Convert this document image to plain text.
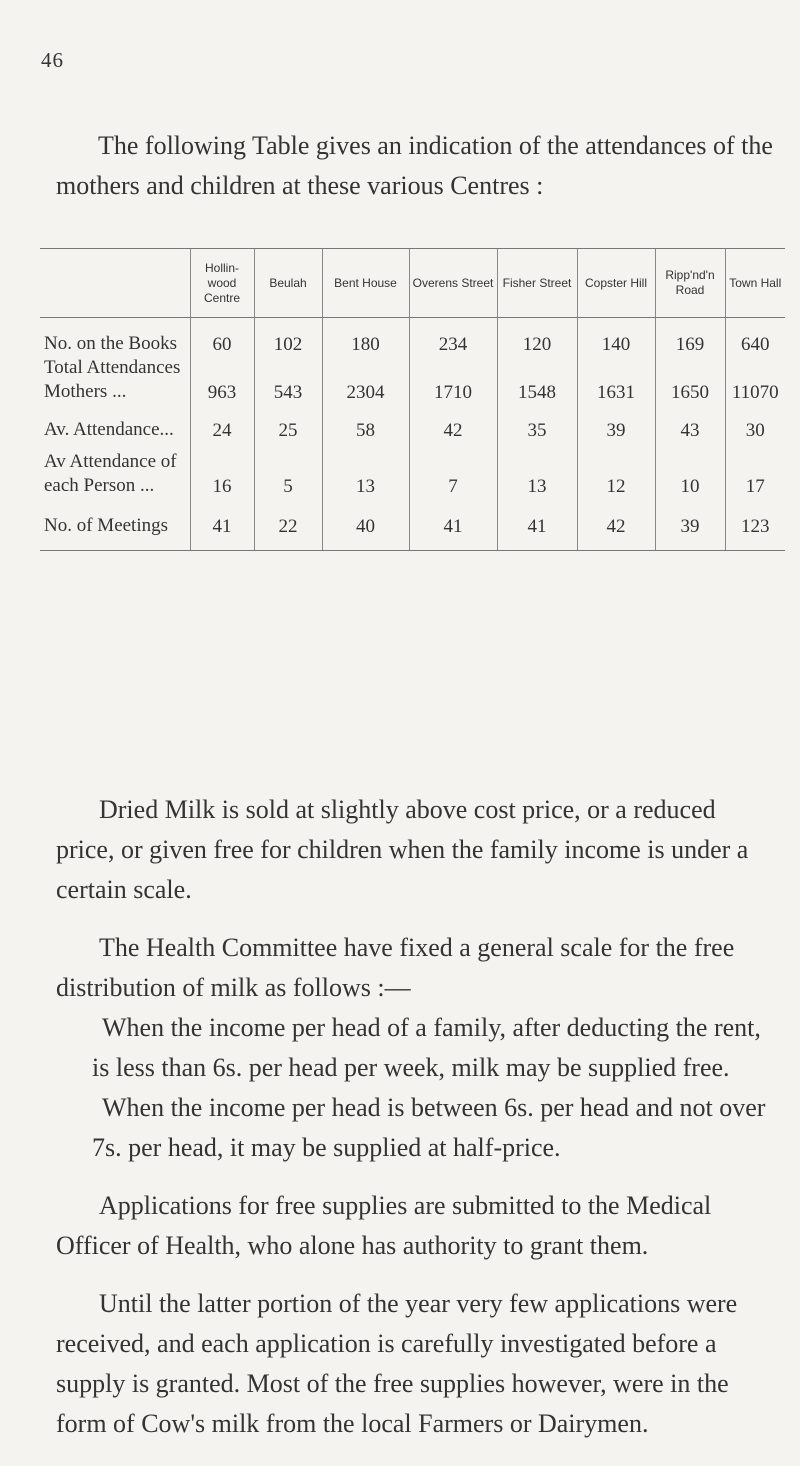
46

The following Table gives an indication of the attendances of the mothers and children at these various Centres :

	Hollin-wood Centre	Beulah	Bent House	Overens Street	Fisher Street	Copster Hill	Ripp'nd'n Road	Town Hall
No. on the Books	60	102	180	234	120	140	169	640
Total Attendances Mothers ...	963	543	2304	1710	1548	1631	1650	11070
Av. Attendance...	24	25	58	42	35	39	43	30
Av Attendance of each Person ...	16	5	13	7	13	12	10	17
No. of Meetings	41	22	40	41	41	42	39	123

Dried Milk is sold at slightly above cost price, or a reduced price, or given free for children when the family income is under a certain scale.

The Health Committee have fixed a general scale for the free distribution of milk as follows :—

When the income per head of a family, after deducting the rent, is less than 6s. per head per week, milk may be supplied free.

When the income per head is between 6s. per head and not over 7s. per head, it may be supplied at half-price.

Applications for free supplies are submitted to the Medical Officer of Health, who alone has authority to grant them.

Until the latter portion of the year very few applications were received, and each application is carefully investigated before a supply is granted. Most of the free supplies however, were in the form of Cow's milk from the local Farmers or Dairymen.
